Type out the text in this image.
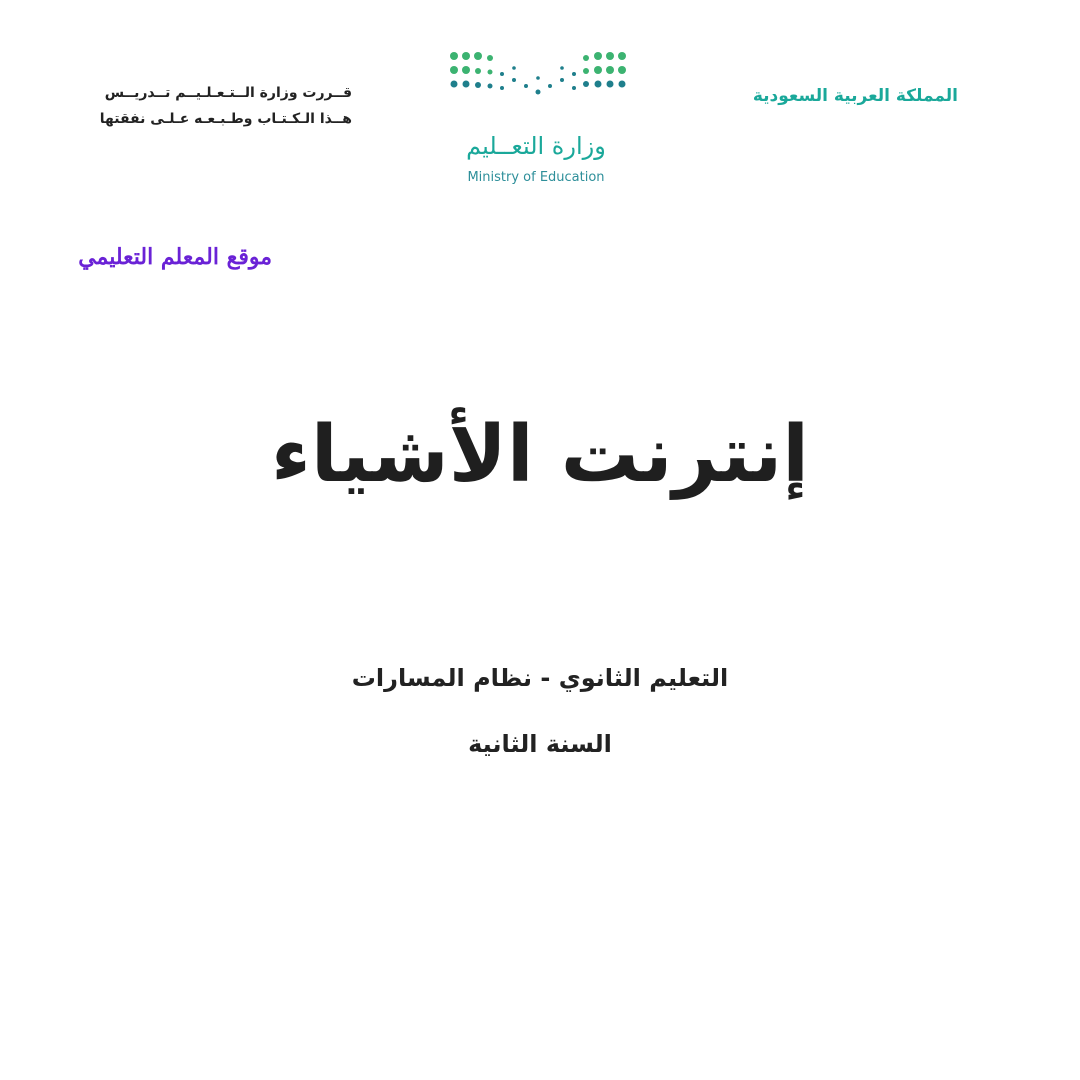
المملكة العربية السعودية
وزارة التعــليم
Ministry of Education
قــررت وزارة الــتـعـلـيــم تــدريــس
هــذا الـكـتـاب وطـبـعـه عـلـى نفقتها
موقع المعلم التعليمي
إنترنت الأشياء
التعليم الثانوي - نظام المسارات
السنة الثانية
